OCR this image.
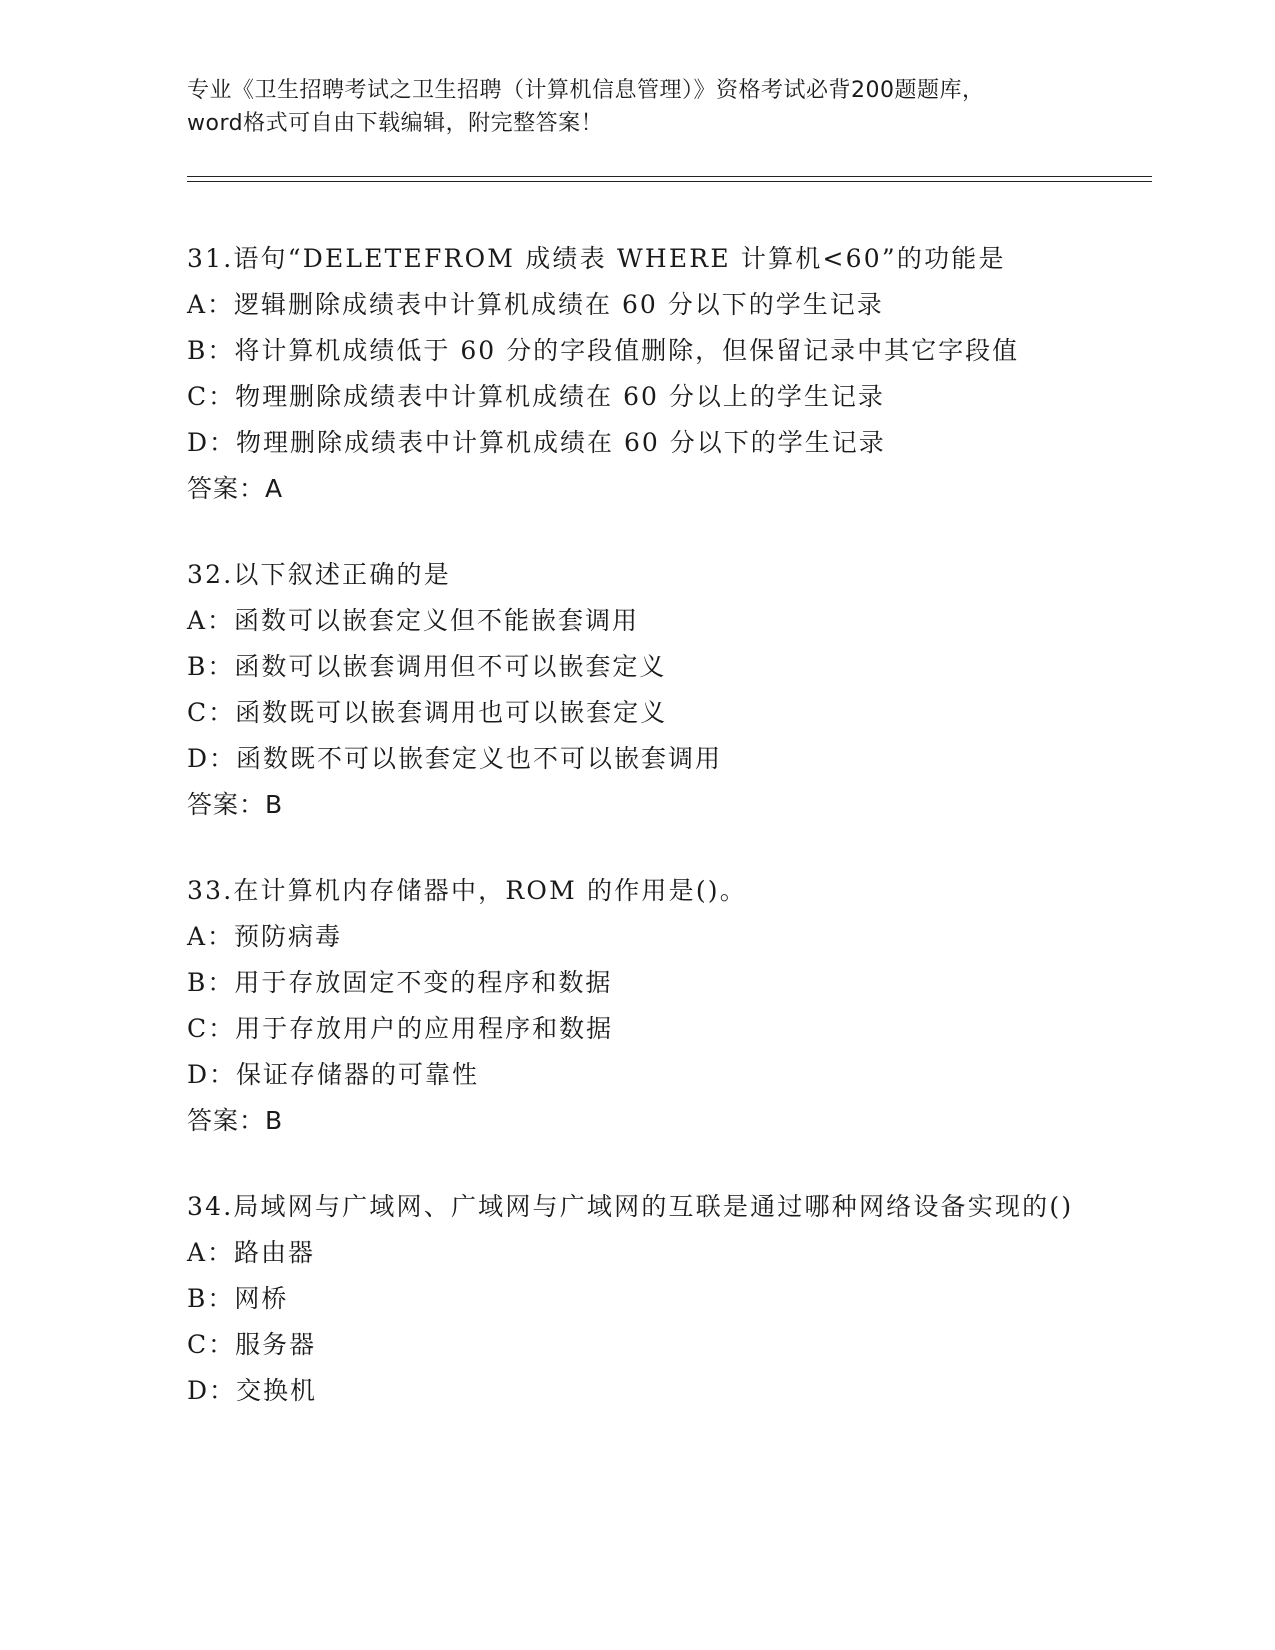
专业《卫生招聘考试之卫生招聘（计算机信息管理）》资格考试必背200题题库，
word格式可自由下载编辑，附完整答案！
31.语句“DELETEFROM 成绩表 WHERE 计算机<60”的功能是
A：逻辑删除成绩表中计算机成绩在 60 分以下的学生记录
B：将计算机成绩低于 60 分的字段值删除，但保留记录中其它字段值
C：物理删除成绩表中计算机成绩在 60 分以上的学生记录
D：物理删除成绩表中计算机成绩在 60 分以下的学生记录
答案：A
32.以下叙述正确的是
A：函数可以嵌套定义但不能嵌套调用
B：函数可以嵌套调用但不可以嵌套定义
C：函数既可以嵌套调用也可以嵌套定义
D：函数既不可以嵌套定义也不可以嵌套调用
答案：B
33.在计算机内存储器中，ROM 的作用是()。
A：预防病毒
B：用于存放固定不变的程序和数据
C：用于存放用户的应用程序和数据
D：保证存储器的可靠性
答案：B
34.局域网与广域网、广域网与广域网的互联是通过哪种网络设备实现的()
A：路由器
B：网桥
C：服务器
D：交换机
